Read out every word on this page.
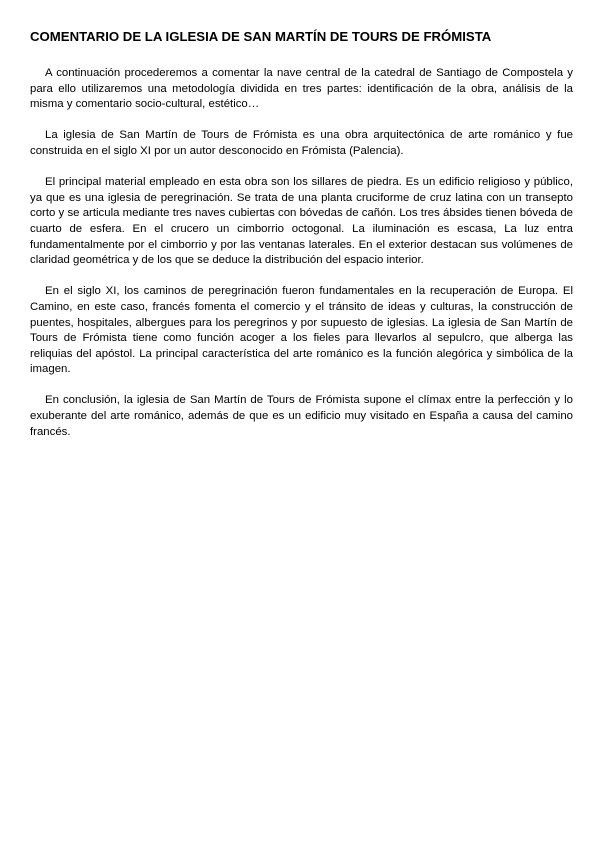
COMENTARIO DE LA IGLESIA DE SAN MARTÍN DE TOURS DE FRÓMISTA

A continuación procederemos a comentar la nave central de la catedral de Santiago de Compostela y para ello utilizaremos una metodología dividida en tres partes: identificación de la obra, análisis de la misma y comentario socio-cultural, estético…

La iglesia de San Martín de Tours de Frómista es una obra arquitectónica de arte románico y fue construida en el siglo XI por un autor desconocido en Frómista (Palencia).

El principal material empleado en esta obra son los sillares de piedra. Es un edificio religioso y público, ya que es una iglesia de peregrinación. Se trata de una planta cruciforme de cruz latina con un transepto corto y se articula mediante tres naves cubiertas con bóvedas de cañón. Los tres ábsides tienen bóveda de cuarto de esfera. En el crucero un cimborrio octogonal. La iluminación es escasa, La luz entra fundamentalmente por el cimborrio y por las ventanas laterales. En el exterior destacan sus volúmenes de claridad geométrica y de los que se deduce la distribución del espacio interior.

En el siglo XI, los caminos de peregrinación fueron fundamentales en la recuperación de Europa. El Camino, en este caso, francés fomenta el comercio y el tránsito de ideas y culturas, la construcción de puentes, hospitales, albergues para los peregrinos y por supuesto de iglesias. La iglesia de San Martín de Tours de Frómista tiene como función acoger a los fieles para llevarlos al sepulcro, que alberga las reliquias del apóstol. La principal característica del arte románico es la función alegórica y simbólica de la imagen.

En conclusión, la iglesia de San Martín de Tours de Frómista supone el clímax entre la perfección y lo exuberante del arte románico, además de que es un edificio muy visitado en España a causa del camino francés.
